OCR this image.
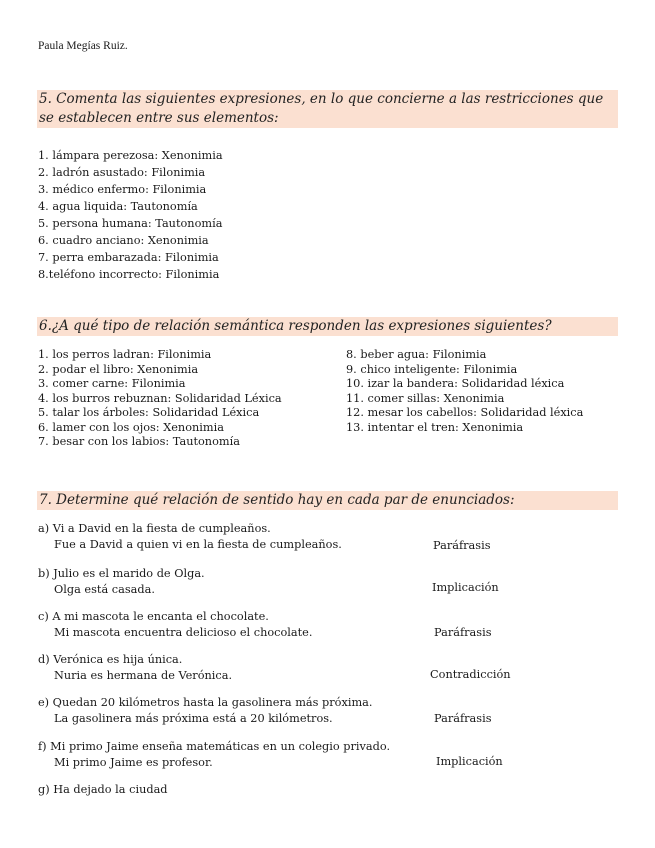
Paula Megías Ruiz.
5. Comenta las siguientes expresiones, en lo que concierne a las restricciones que se establecen entre sus elementos:
1. lámpara perezosa: Xenonimia
2. ladrón asustado: Filonimia
3. médico enfermo: Filonimia
4. agua liquida: Tautonomía
5. persona humana: Tautonomía
6. cuadro anciano: Xenonimia
7. perra embarazada: Filonimia
8.teléfono incorrecto: Filonimia
6.¿A qué tipo de relación semántica responden las expresiones siguientes?
1. los perros ladran: Filonimia
2. podar el libro: Xenonimia
3. comer carne: Filonimia
4. los burros rebuznan: Solidaridad Léxica
5. talar los árboles: Solidaridad Léxica
6. lamer con los ojos: Xenonimia
7. besar con los labios: Tautonomía
8. beber agua: Filonimia
9. chico inteligente: Filonimia
10. izar la bandera: Solidaridad léxica
11. comer sillas: Xenonimia
12. mesar los cabellos: Solidaridad léxica
13. intentar el tren: Xenonimia
7. Determine qué relación de sentido hay en cada par de enunciados:
a) Vi a David en la fiesta de cumpleaños.
Fue a David a quien vi en la fiesta de cumpleaños.	Paráfrasis
b) Julio es el marido de Olga.
Olga está casada.	Implicación
c) A mi mascota le encanta el chocolate.
Mi mascota encuentra delicioso el chocolate.	Paráfrasis
d) Verónica es hija única.
Nuria es hermana de Verónica.	Contradicción
e) Quedan 20 kilómetros hasta la gasolinera más próxima.
La gasolinera más próxima está a 20 kilómetros.	Paráfrasis
f) Mi primo Jaime enseña matemáticas en un colegio privado.
Mi primo Jaime es profesor.	Implicación
g) Ha dejado la ciudad
